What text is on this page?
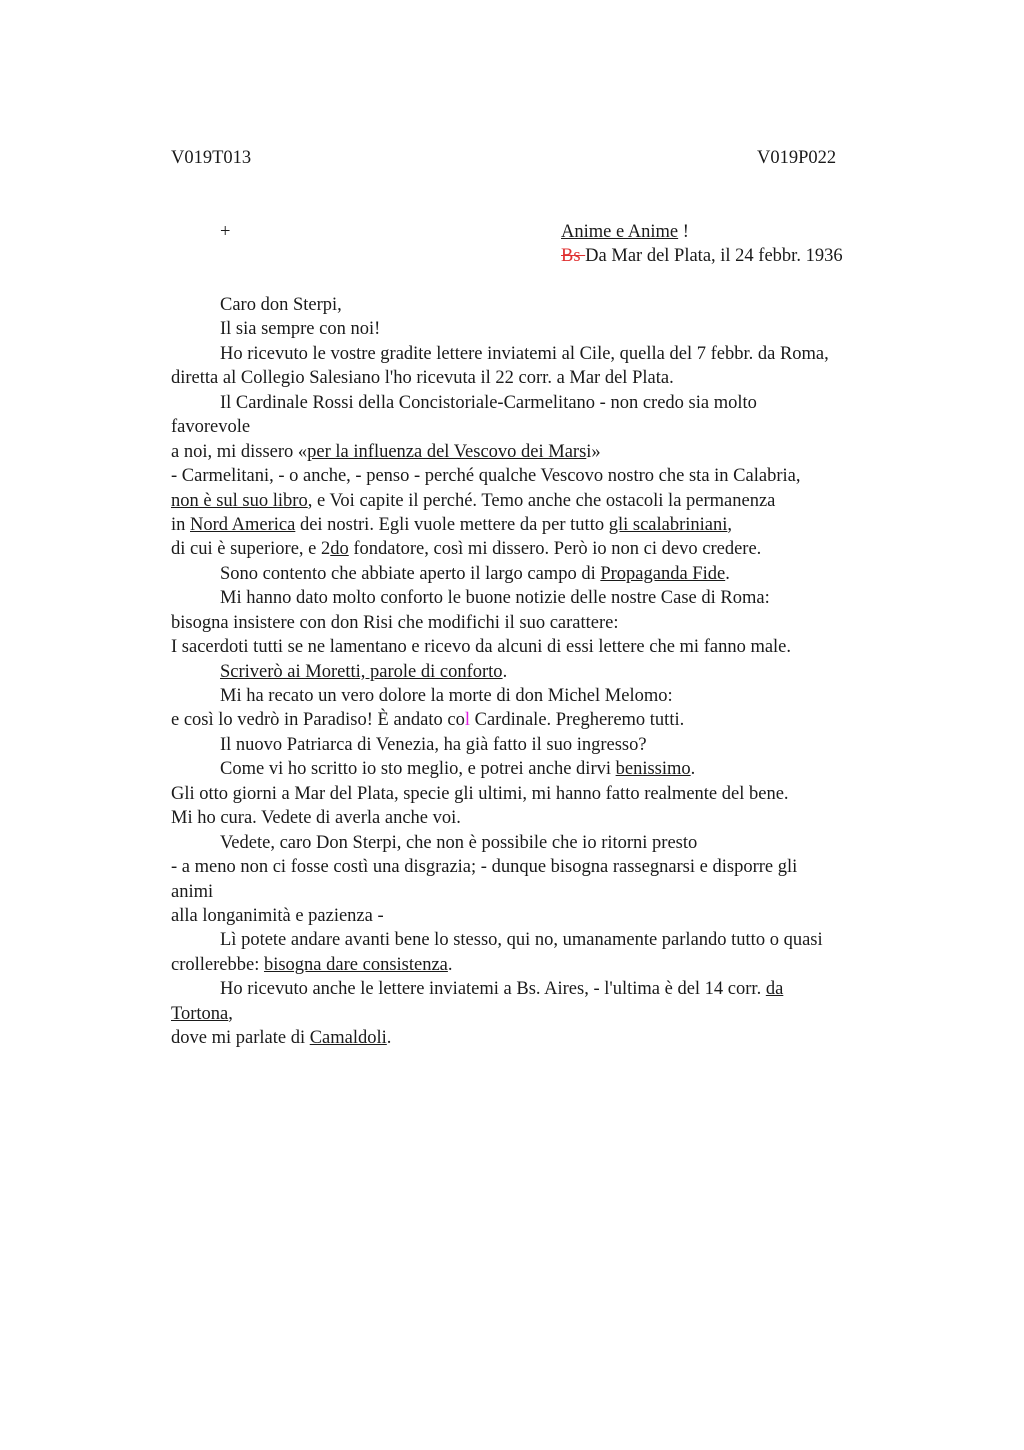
V019T013	V019P022
+	Anime e Anime !
Bs Da Mar del Plata, il 24 febbr. 1936
Caro don Sterpi,
Il sia sempre con noi!
Ho ricevuto le vostre gradite lettere inviatemi al Cile, quella del 7 febbr. da Roma,
diretta al Collegio Salesiano l'ho ricevuta il 22 corr. a Mar del Plata.
Il Cardinale Rossi della Concistoriale-Carmelitano - non credo sia molto
favorevole
a noi, mi dissero «per la influenza del Vescovo dei Marsi»
- Carmelitani, - o anche, - penso - perché qualche Vescovo nostro che sta in Calabria,
non è sul suo libro, e Voi capite il perché. Temo anche che ostacoli la permanenza
in Nord America dei nostri. Egli vuole mettere da per tutto gli scalabriniani,
di cui è superiore, e 2do fondatore, così mi dissero. Però io non ci devo credere.
Sono contento che abbiate aperto il largo campo di Propaganda Fide.
Mi hanno dato molto conforto le buone notizie delle nostre Case di Roma:
bisogna insistere con don Risi che modifichi il suo carattere:
I sacerdoti tutti se ne lamentano e ricevo da alcuni di essi lettere che mi fanno male.
Scriverò ai Moretti, parole di conforto.
Mi ha recato un vero dolore la morte di don Michel Melomo:
e così lo vedrò in Paradiso! È andato col Cardinale. Pregheremo tutti.
Il nuovo Patriarca di Venezia, ha già fatto il suo ingresso?
Come vi ho scritto io sto meglio, e potrei anche dirvi benissimo.
Gli otto giorni a Mar del Plata, specie gli ultimi, mi hanno fatto realmente del bene.
Mi ho cura. Vedete di averla anche voi.
Vedete, caro Don Sterpi, che non è possibile che io ritorni presto
- a meno non ci fosse costì una disgrazia; - dunque bisogna rassegnarsi e disporre gli
animi
alla longanimità e pazienza -
Lì potete andare avanti bene lo stesso, qui no, umanamente parlando tutto o quasi
crollerebbe: bisogna dare consistenza.
Ho ricevuto anche le lettere inviatemi a Bs. Aires, - l'ultima è del 14 corr. da
Tortona,
dove mi parlate di Camaldoli.
